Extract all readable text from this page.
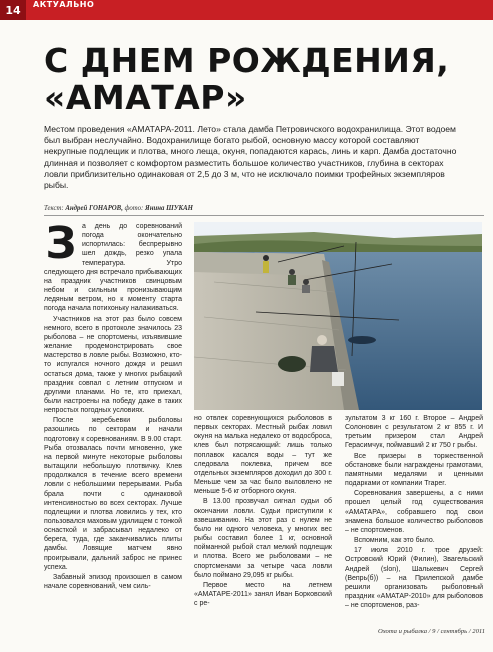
14	АКТУАЛЬНО
С ДНЕМ РОЖДЕНИЯ,
«АМАТАР»

Местом проведения «АМАТАРА-2011. Лето» стала дамба Петровичского водохранилища. Этот водоем был выбран неслучайно. Водохранилище богато рыбой, основную массу которой составляют некрупные подлещик и плотва, много леща, окуня, попадаются карась, линь и карп. Дамба достаточно длинная и позволяет с комфортом разместить большое количество участников, глубина в секторах ловли приблизительно одинаковая от 2,5 до 3 м, что не исключало поимки трофейных экземпляров рыбы.

Текст: Андрей ГОНАРОВ, фото: Янина ШУКАН

За день до соревнований погода окончательно испортилась: беспрерывно шел дождь, резко упала температура. Утро следующего дня встречало прибывающих на праздник участников свинцовым небом и сильным пронизывающим ледяным ветром, но к моменту старта погода начала потихоньку налаживаться.

Участников на этот раз было совсем немного, всего в протоколе значилось 23 рыболова – не спортсмены, изъявившие желание продемонстрировать свое мастерство в ловле рыбы. Возможно, кто-то испугался ночного дождя и решил остаться дома, также у многих рыбацкий праздник совпал с летним отпуском и другими планами. Но те, кто приехал, были настроены на победу даже в таких непростых погодных условиях.

После жеребьевки рыболовы разошлись по секторам и начали подготовку к соревнованиям. В 9.00 старт. Рыба отозвалась почти мгновенно, уже на первой минуте некоторые рыболовы вытащили небольшую плотвичку. Клев продолжался в течение всего времени ловли с небольшими перерывами. Рыба брала почти с одинаковой интенсивностью во всех секторах. Лучше подлещики и плотва ловились у тех, кто пользовался маховым удилищем с тонкой оснасткой и забрасывал недалеко от берега, туда, где заканчивались плиты дамбы. Ловящие матчем явно проигрывали, дальний заброс не принес успеха.

Забавный эпизод произошел в самом начале соревнований, чем силь-

но отвлек соревнующихся рыболовов в первых секторах. Местный рыбак ловил окуня на малька недалеко от водосброса, клев был потрясающий: лишь только поплавок касался воды – тут же следовала поклевка, причем все отдельных экземпляров доходил до 300 г. Меньше чем за час было выловлено не меньше 5-6 кг отборного окуня.

В 13.00 прозвучал сигнал судьи об окончании ловли. Судьи приступили к взвешиванию. На этот раз с нулем не было ни одного человека, у многих вес рыбы составил более 1 кг, основной пойманной рыбой стал мелкий подлещик и плотва. Всего же рыболовами – не спортсменами за четыре часа ловли было поймано 29,095 кг рыбы.

Первое место на летнем «АМАТАРЕ-2011» занял Иван Борковский с ре-

зультатом 3 кг 160 г. Второе – Андрей Солоновин с результатом 2 кг 855 г. И третьим призером стал Андрей Герасимчук, поймавший 2 кг 750 г рыбы.

Все призеры в торжественной обстановке были награждены грамотами, памятными медалями и ценными подарками от компании Traper.

Соревнования завершены, а с ними прошел целый год существования «АМАТАРА», собравшего под свои знамена большое количество рыболовов – не спортсменов.

Вспомним, как это было.

17 июля 2010 г. трое друзей: Островский Юрий (Филин), Звагельский Андрей (slon), Шалькевич Сергей (Вепрь(б)) – на Прилепской дамбе решили организовать рыболовный праздник «АМАТАР-2010» для рыболовов – не спортсменов, раз-

Охота и рыбалка / 9 / сентябрь / 2011
